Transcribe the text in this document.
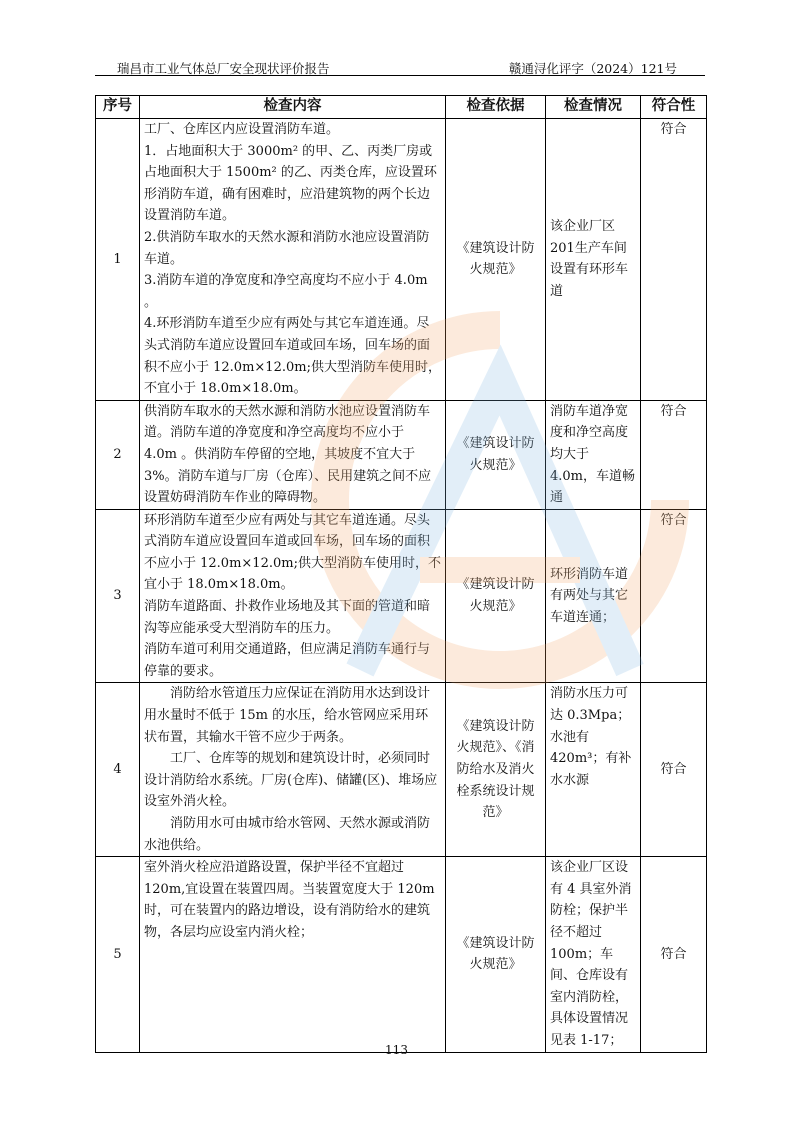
瑞昌市工业气体总厂安全现状评价报告	赣通浔化评字（2024）121号
序号	检查内容	检查依据	检查情况	符合性
1	工厂、仓库区内应设置消防车道。

1．占地面积大于 3000m² 的甲、乙、丙类厂房或占地面积大于 1500m² 的乙、丙类仓库，应设置环形消防车道，确有困难时，应沿建筑物的两个长边设置消防车道。

2.供消防车取水的天然水源和消防水池应设置消防车道。

3.消防车道的净宽度和净空高度均不应小于 4.0m 。

4.环形消防车道至少应有两处与其它车道连通。尽头式消防车道应设置回车道或回车场，回车场的面积不应小于 12.0m×12.0m;供大型消防车使用时，不宜小于 18.0m×18.0m。	《建筑设计防火规范》	该企业厂区201生产车间设置有环形车道	符合
2	供消防车取水的天然水源和消防水池应设置消防车道。消防车道的净宽度和净空高度均不应小于 4.0m 。供消防车停留的空地，其坡度不宜大于 3%。消防车道与厂房（仓库）、民用建筑之间不应设置妨碍消防车作业的障碍物。	《建筑设计防火规范》	消防车道净宽度和净空高度均大于 4.0m，车道畅通	符合
3	环形消防车道至少应有两处与其它车道连通。尽头式消防车道应设置回车道或回车场，回车场的面积不应小于 12.0m×12.0m;供大型消防车使用时，不宜小于 18.0m×18.0m。

消防车道路面、扑救作业场地及其下面的管道和暗沟等应能承受大型消防车的压力。

消防车道可利用交通道路，但应满足消防车通行与停靠的要求。	《建筑设计防火规范》	环形消防车道有两处与其它车道连通；	符合
4	消防给水管道压力应保证在消防用水达到设计用水量时不低于 15m 的水压，给水管网应采用环状布置，其输水干管不应少于两条。

工厂、仓库等的规划和建筑设计时，必须同时设计消防给水系统。厂房(仓库)、储罐(区)、堆场应设室外消火栓。

消防用水可由城市给水管网、天然水源或消防水池供给。	《建筑设计防火规范》、《消防给水及消火栓系统设计规范》	消防水压力可达 0.3Mpa；水池有 420m³；有补水水源	符合
5	室外消火栓应沿道路设置，保护半径不宜超过 120m,宜设置在装置四周。当装置宽度大于 120m 时，可在装置内的路边增设，设有消防给水的建筑物，各层均应设室内消火栓；	《建筑设计防火规范》	该企业厂区设有 4 具室外消防栓；保护半径不超过 100m；车间、仓库设有室内消防栓，具体设置情况见表 1-17；	符合
113
